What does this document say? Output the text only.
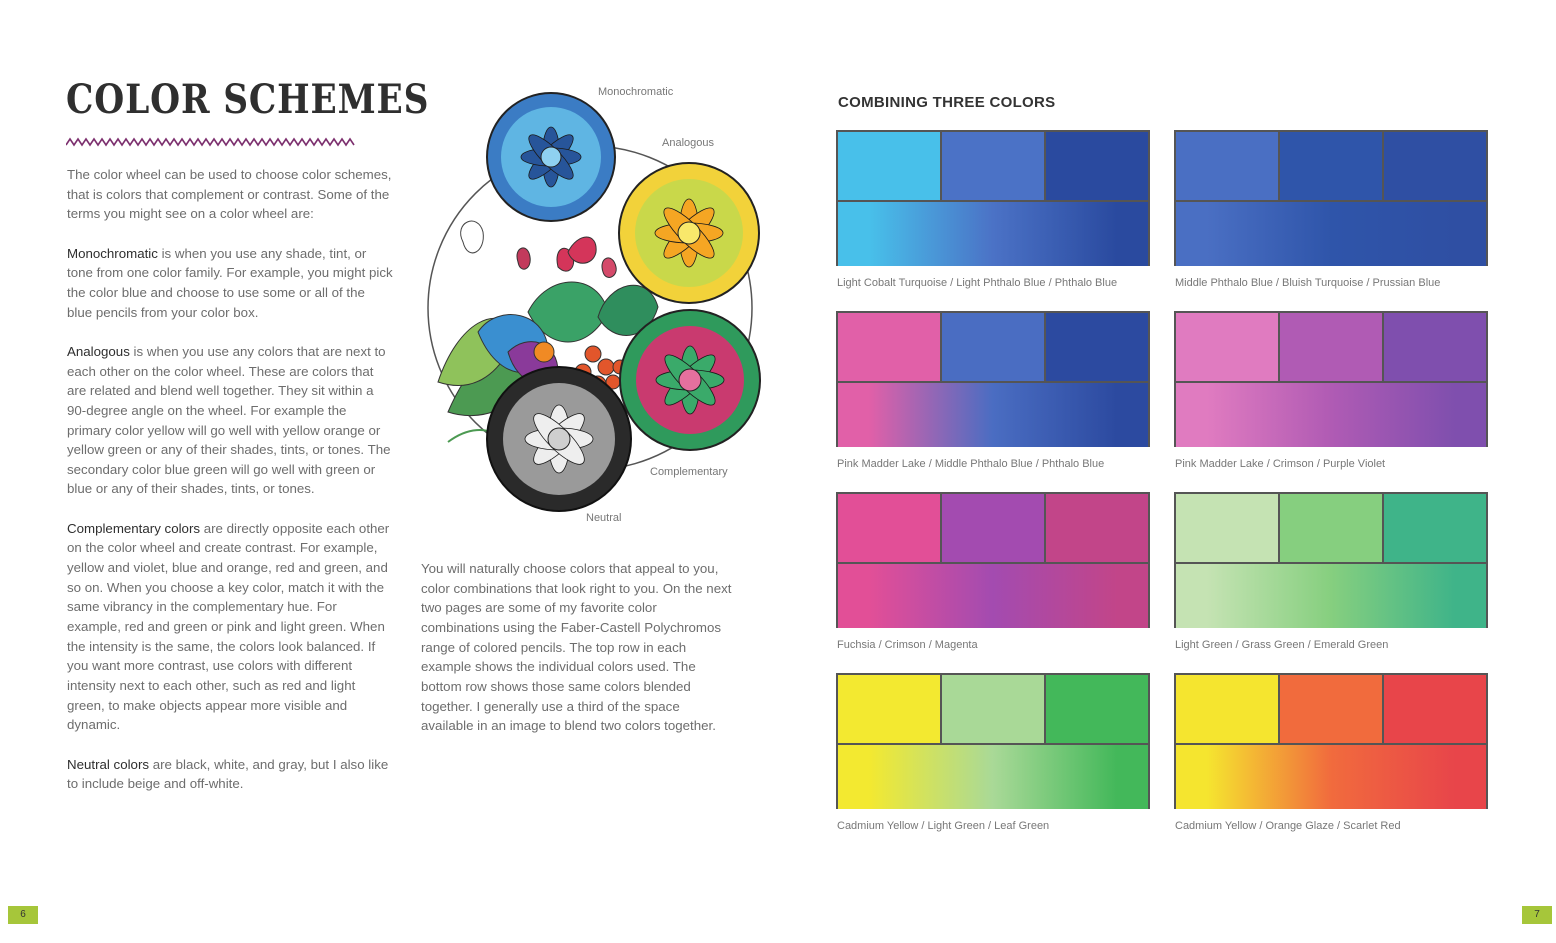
COLOR SCHEMES

The color wheel can be used to choose color schemes, that is colors that complement or contrast. Some of the terms you might see on a color wheel are:

Monochromatic is when you use any shade, tint, or tone from one color family. For example, you might pick the color blue and choose to use some or all of the blue pencils from your color box.

Analogous is when you use any colors that are next to each other on the color wheel. These are colors that are related and blend well together. They sit within a 90-degree angle on the wheel. For example the primary color yellow will go well with yellow orange or yellow green or any of their shades, tints, or tones. The secondary color blue green will go well with green or blue or any of their shades, tints, or tones.

Complementary colors are directly opposite each other on the color wheel and create contrast. For example, yellow and violet, blue and orange, red and green, and so on. When you choose a key color, match it with the same vibrancy in the complementary hue. For example, red and green or pink and light green. When the intensity is the same, the colors look balanced. If you want more contrast, use colors with different intensity next to each other, such as red and light green, to make objects appear more visible and dynamic.

Neutral colors are black, white, and gray, but I also like to include beige and off-white.

You will naturally choose colors that appeal to you, color combinations that look right to you. On the next two pages are some of my favorite color combinations using the Faber-Castell Polychromos range of colored pencils. The top row in each example shows the individual colors used. The bottom row shows those same colors blended together. I generally use a third of the space available in an image to blend two colors together.

Monochromatic
Analogous
Complementary
Neutral
6
COMBINING THREE COLORS
Light Cobalt Turquoise / Light Phthalo Blue / Phthalo Blue	Middle Phthalo Blue / Bluish Turquoise / Prussian Blue
Pink Madder Lake / Middle Phthalo Blue / Phthalo Blue	Pink Madder Lake / Crimson / Purple Violet
Fuchsia / Crimson / Magenta	Light Green / Grass Green / Emerald Green
Cadmium Yellow / Light Green / Leaf Green	Cadmium Yellow / Orange Glaze / Scarlet Red
7
